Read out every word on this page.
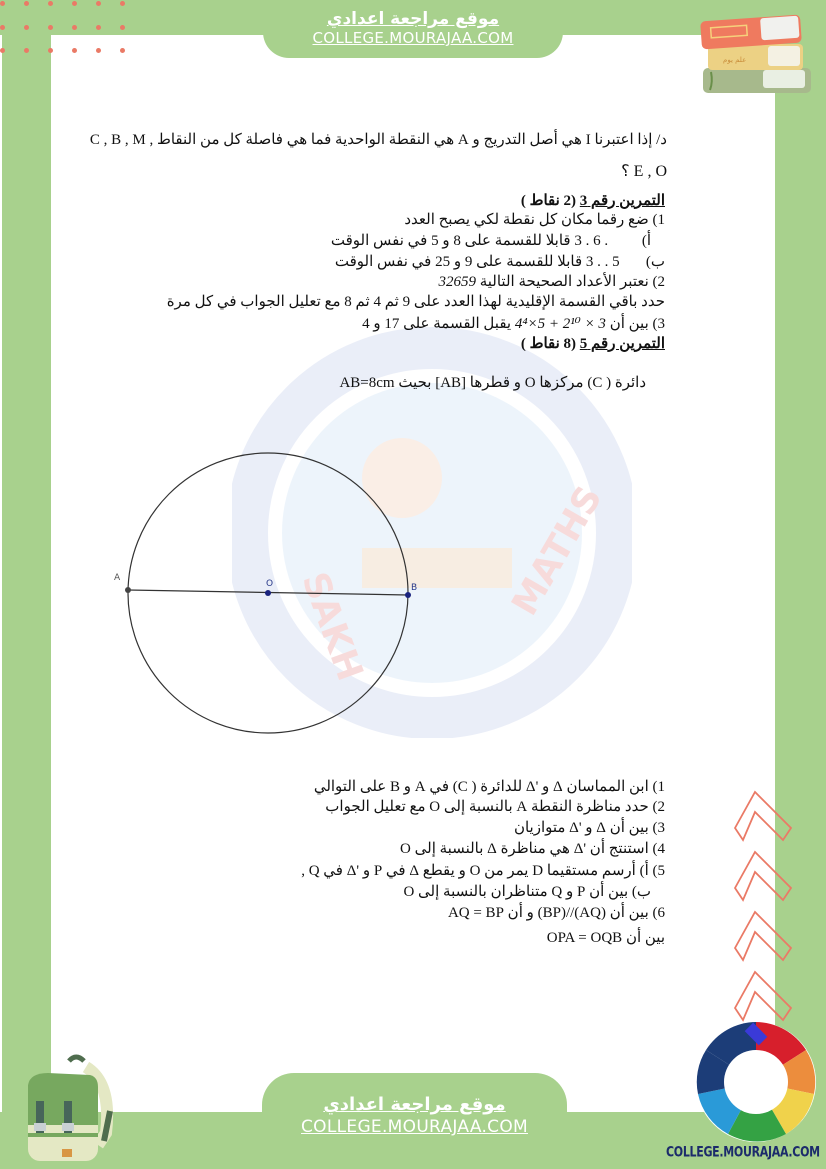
موقع مراجعة اعدادي
COLLEGE.MOURAJAA.COM
علم يوم
SAKH
MATHS
د/ إذا اعتبرنا I هي أصل التدريج و A هي النقطة الواحدية فما هي فاصلة كل من النقاط , C , B , M
E , O ؟
التمرين رقم 3 (2 نقاط )
1) ضع رقما مكان كل نقطة لكي يصبح العدد
أ)         . 6 . 3 قابلا للقسمة على 8 و 5 في نفس الوقت
ب)       5 . . 3 قابلا للقسمة على 9 و 25 في نفس الوقت
2) نعتبر الأعداد الصحيحة التالية 32659
حدد باقي القسمة الإقليدية لهذا العدد على 9 ثم 4 ثم 8 مع تعليل الجواب في كل مرة
3) بين أن 4⁴×5 + 2¹⁰ × 3 يقبل القسمة على 17 و 4
التمرين رقم 5 (8 نقاط )
دائرة ( C) مركزها O و قطرها [AB] بحيث AB=8cm
A
O	B
1) ابن المماسان Δ و 'Δ للدائرة ( C) في A و B على التوالي
2) حدد مناظرة النقطة A بالنسبة إلى O مع تعليل الجواب
3) بين أن Δ و 'Δ متوازيان
4) استنتج أن 'Δ هي مناظرة Δ بالنسبة إلى O
5) أ) أرسم مستقيما D يمر من O و يقطع Δ في P و 'Δ في Q ,
ب) بين أن P و Q متناظران بالنسبة إلى O
6) بين أن (AQ)//(BP) و أن AQ = BP
بين أن OPA = OQB
موقع مراجعة اعدادي
COLLEGE.MOURAJAA.COM
COLLEGE.MOURAJAA.COM
